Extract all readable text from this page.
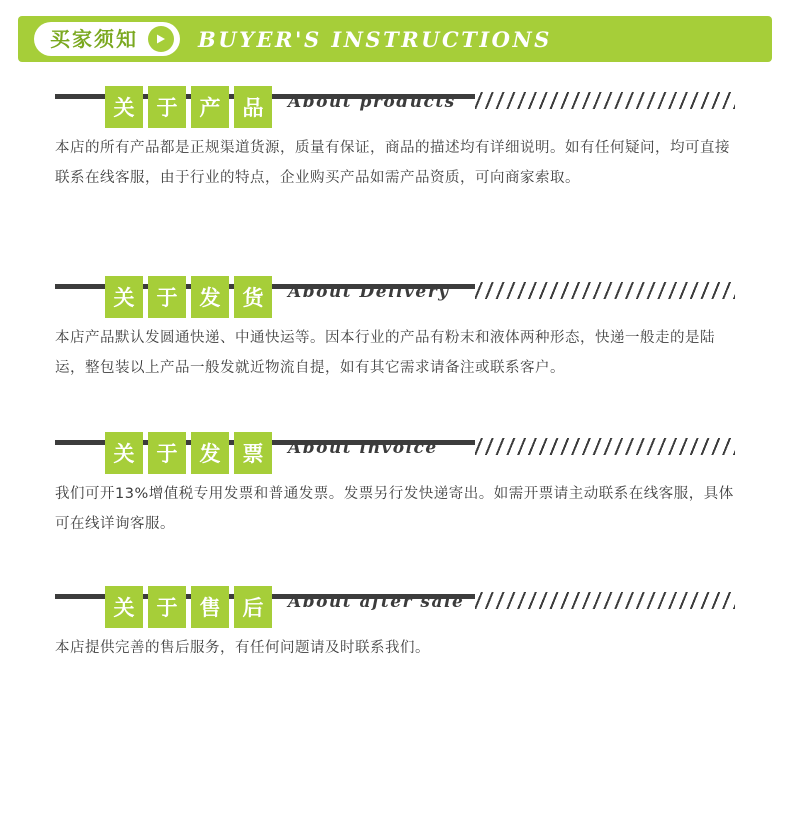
买家须知	BUYER'S INSTRUCTIONS
关	于	产	品	About products
本店的所有产品都是正规渠道货源，质量有保证，商品的描述均有详细说明。如有任何疑问，均可直接联系在线客服，由于行业的特点，企业购买产品如需产品资质，可向商家索取。
关	于	发	货	About Delivery
本店产品默认发圆通快递、中通快运等。因本行业的产品有粉末和液体两种形态，快递一般走的是陆运，整包装以上产品一般发就近物流自提，如有其它需求请备注或联系客户。
关	于	发	票	About invoice
我们可开13%增值税专用发票和普通发票。发票另行发快递寄出。如需开票请主动联系在线客服，具体可在线详询客服。
关	于	售	后	About after sale
本店提供完善的售后服务，有任何问题请及时联系我们。
